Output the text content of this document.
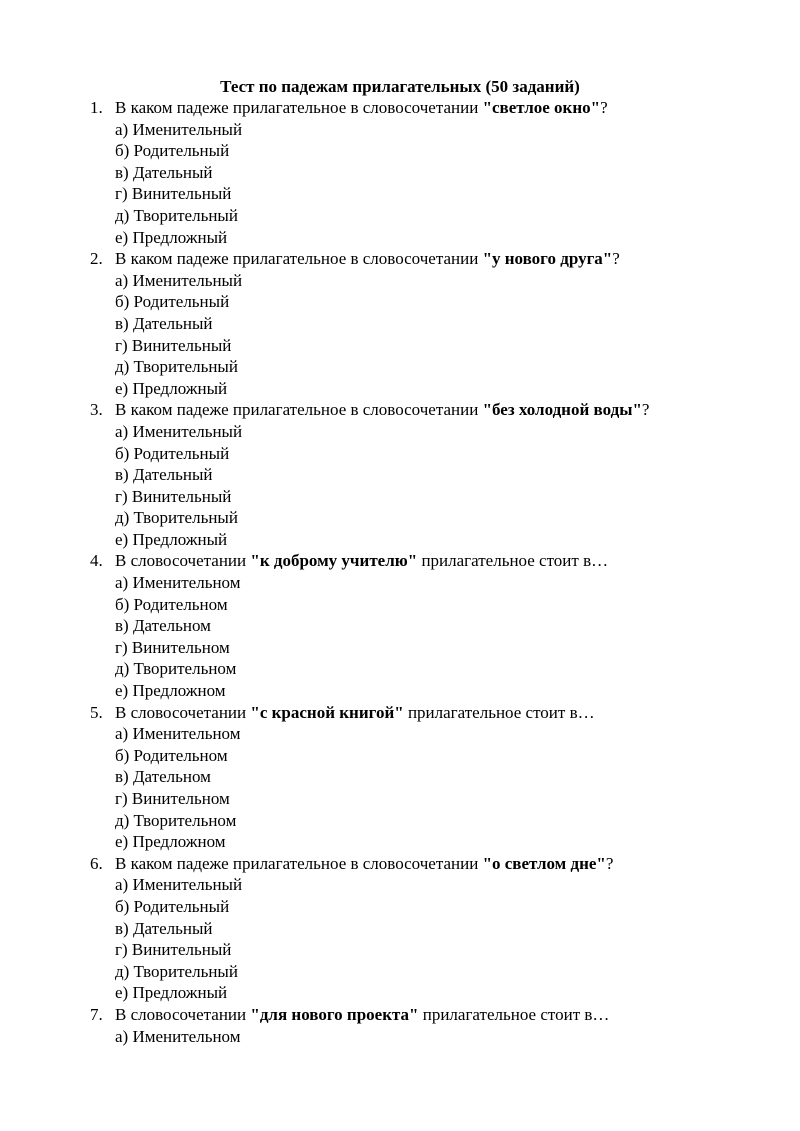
Тест по падежам прилагательных (50 заданий)
1. В каком падеже прилагательное в словосочетании "светлое окно"?
а) Именительный
б) Родительный
в) Дательный
г) Винительный
д) Творительный
е) Предложный
2. В каком падеже прилагательное в словосочетании "у нового друга"?
а) Именительный
б) Родительный
в) Дательный
г) Винительный
д) Творительный
е) Предложный
3. В каком падеже прилагательное в словосочетании "без холодной воды"?
а) Именительный
б) Родительный
в) Дательный
г) Винительный
д) Творительный
е) Предложный
4. В словосочетании "к доброму учителю" прилагательное стоит в…
а) Именительном
б) Родительном
в) Дательном
г) Винительном
д) Творительном
е) Предложном
5. В словосочетании "с красной книгой" прилагательное стоит в…
а) Именительном
б) Родительном
в) Дательном
г) Винительном
д) Творительном
е) Предложном
6. В каком падеже прилагательное в словосочетании "о светлом дне"?
а) Именительный
б) Родительный
в) Дательный
г) Винительный
д) Творительный
е) Предложный
7. В словосочетании "для нового проекта" прилагательное стоит в…
а) Именительном
